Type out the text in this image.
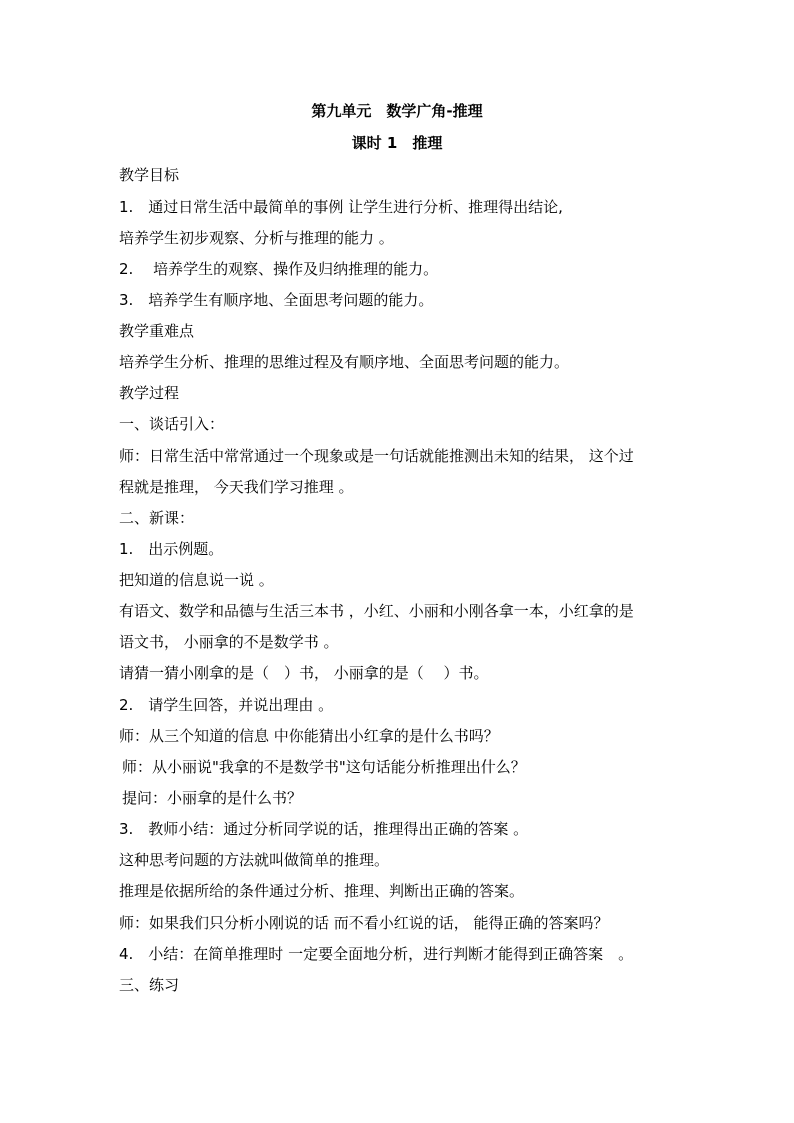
第九单元　数学广角-推理
课时 1　推理
教学目标
1.　通过日常生活中最简单的事例 让学生进行分析、推理得出结论,
培养学生初步观察、分析与推理的能力 。
2.　 培养学生的观察、操作及归纳推理的能力。
3.　培养学生有顺序地、全面思考问题的能力。
教学重难点
培养学生分析、推理的思维过程及有顺序地、全面思考问题的能力。
教学过程
一、谈话引入：
师：日常生活中常常通过一个现象或是一句话就能推测出未知的结果， 这个过
程就是推理， 今天我们学习推理 。
二、新课：
1.　出示例题。
把知道的信息说一说 。
有语文、数学和品德与生活三本书 ，小红、小丽和小刚各拿一本，小红拿的是
语文书， 小丽拿的不是数学书 。
请猜一猜小刚拿的是（　）书， 小丽拿的是（　 ）书。
2.　请学生回答，并说出理由 。
师：从三个知道的信息 中你能猜出小红拿的是什么书吗？
师：从小丽说"我拿的不是数学书"这句话能分析推理出什么？
提问：小丽拿的是什么书？
3.　教师小结：通过分析同学说的话，推理得出正确的答案 。
这种思考问题的方法就叫做简单的推理。
推理是依据所给的条件通过分析、推理、判断出正确的答案。
师：如果我们只分析小刚说的话 而不看小红说的话， 能得正确的答案吗？
4.　小结：在简单推理时 一定要全面地分析，进行判断才能得到正确答案　。
三、练习
